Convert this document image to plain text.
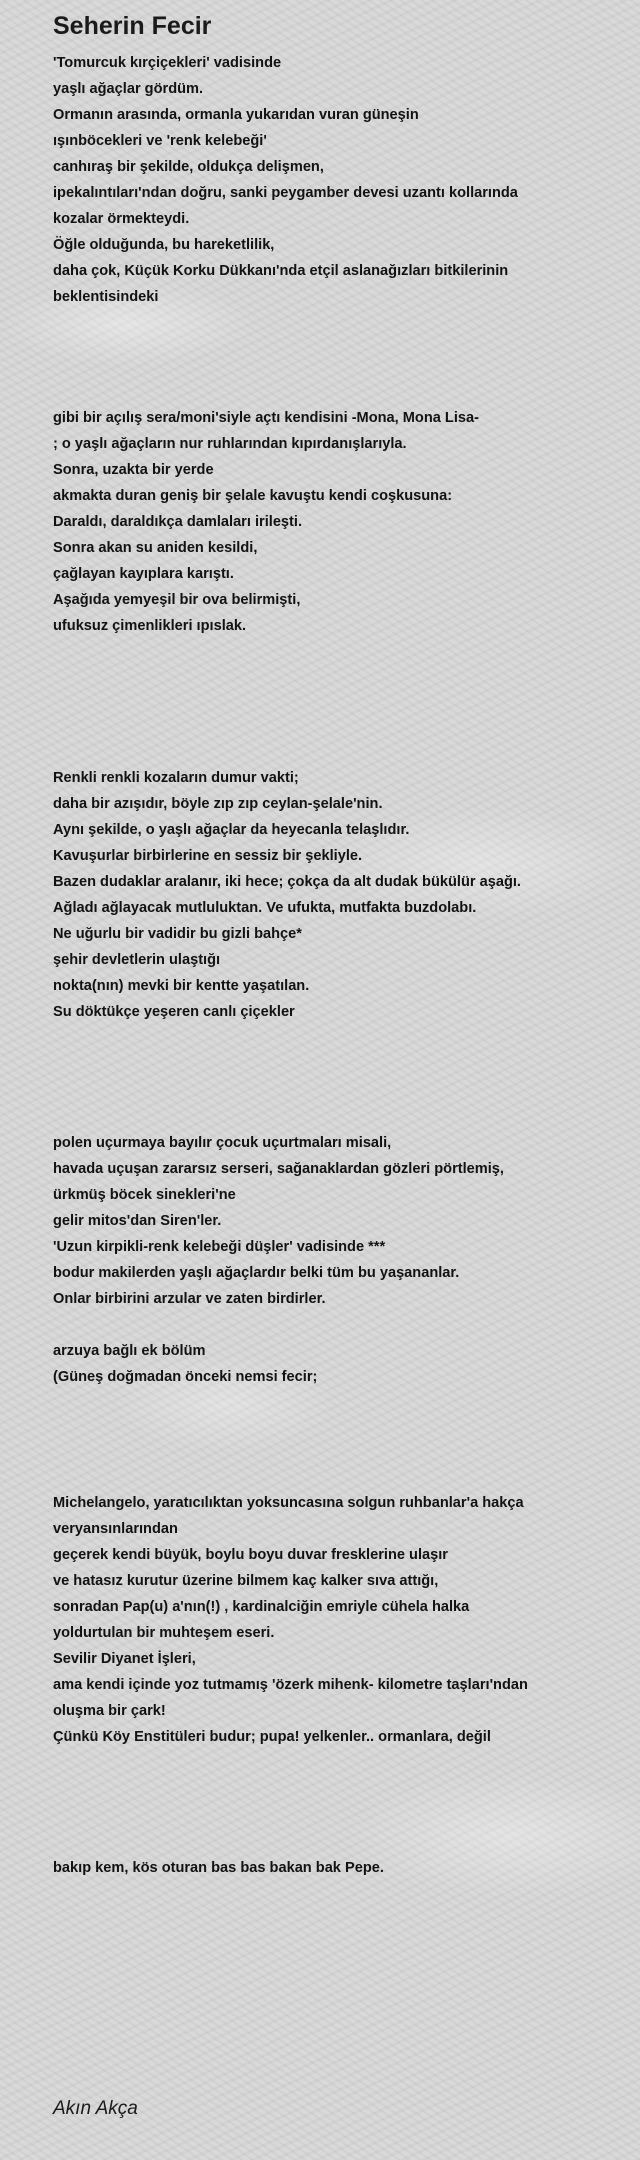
Seherin Fecir
'Tomurcuk kırçiçekleri' vadisinde
yaşlı ağaçlar gördüm.
Ormanın arasında, ormanla yukarıdan vuran güneşin
ışınböcekleri ve 'renk kelebeği'
canhıraş bir şekilde, oldukça delişmen,
ipekalıntıları'ndan doğru, sanki peygamber devesi uzantı kollarında
kozalar örmekteydi.
Öğle olduğunda, bu hareketlilik,
daha çok, Küçük Korku Dükkanı'nda etçil aslanağızları bitkilerinin
beklentisindeki
gibi bir açılış sera/moni'siyle açtı kendisini -Mona, Mona Lisa-
; o yaşlı ağaçların nur ruhlarından kıpırdanışlarıyla.
Sonra, uzakta bir yerde
akmakta duran geniş bir şelale kavuştu kendi coşkusuna:
Daraldı, daraldıkça damlaları irileşti.
Sonra akan su aniden kesildi,
çağlayan kayıplara karıştı.
Aşağıda yemyeşil bir ova belirmişti,
ufuksuz çimenlikleri ıpıslak.
Renkli renkli kozaların dumur vakti;
daha bir azışıdır, böyle zıp zıp ceylan-şelale'nin.
Aynı şekilde, o yaşlı ağaçlar da heyecanla telaşlıdır.
Kavuşurlar birbirlerine en sessiz bir şekliyle.
Bazen dudaklar aralanır, iki hece; çokça da alt dudak bükülür aşağı.
Ağladı ağlayacak mutluluktan. Ve ufukta, mutfakta buzdolabı.
Ne uğurlu bir vadidir bu gizli bahçe*
şehir devletlerin ulaştığı
nokta(nın) mevki bir kentte yaşatılan.
Su döktükçe yeşeren canlı çiçekler
polen uçurmaya bayılır çocuk uçurtmaları misali,
havada uçuşan zararsız serseri, sağanaklardan gözleri pörtlemiş,
ürkmüş böcek sinekleri'ne
gelir mitos'dan Siren'ler.
'Uzun kirpikli-renk kelebeği düşler' vadisinde ***
bodur makilerden yaşlı ağaçlardır belki tüm bu yaşananlar.
Onlar birbirini arzular ve zaten birdirler.
arzuya bağlı ek bölüm
(Güneş doğmadan önceki nemsi fecir;
Michelangelo, yaratıcılıktan yoksuncasına solgun ruhbanlar'a hakça
veryansınlarından
geçerek kendi büyük, boylu boyu duvar fresklerine ulaşır
ve hatasız kurutur üzerine bilmem kaç kalker sıva attığı,
sonradan Pap(u) a'nın(!) , kardinalciğin emriyle cühela halka
yoldurtulan bir muhteşem eseri.
Sevilir Diyanet İşleri,
ama kendi içinde yoz tutmamış 'özerk mihenk- kilometre taşları'ndan
oluşma bir çark!
Çünkü Köy Enstitüleri budur; pupa! yelkenler.. ormanlara, değil
bakıp kem, kös oturan bas bas bakan bak Pepe.
Akın Akça
